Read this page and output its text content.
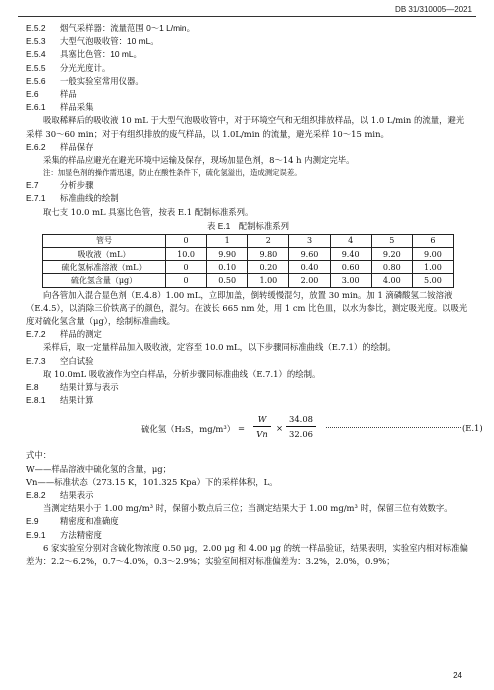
DB 31/310005—2021
E.5.2 烟气采样器：流量范围 0～1 L/min。
E.5.3 大型气泡吸收管：10 mL。
E.5.4 具塞比色管：10 mL。
E.5.5 分光光度计。
E.5.6 一般实验室常用仪器。
E.6	样品
E.6.1 样品采集
吸取稀释后的吸收液 10 mL 于大型气泡吸收管中，对于环境空气和无组织排放样品，以 1.0 L/min 的流量，避光采样 30～60 min；对于有组织排放的废气样品，以 1.0L/min 的流量，避光采样 10～15 min。
E.6.2 样品保存
采集的样品应避光在避光环境中运输及保存，现场加显色剂，8～14 h 内测定完毕。
注：加显色剂的操作需迅速，防止在酸性条件下，硫化氢溢出，造成测定误差。
E.7	分析步骤
E.7.1 标准曲线的绘制
取七支 10.0 mL 具塞比色管，按表 E.1 配制标准系列。
表 E.1　配制标准系列
管号	0	1	2	3	4	5	6
吸收液（mL）	10.0	9.90	9.80	9.60	9.40	9.20	9.00
硫化氢标准溶液（mL）	0	0.10	0.20	0.40	0.60	0.80	1.00
硫化氢含量（μg）	0	0.50	1.00	2.00	3.00	4.00	5.00
向各管加入混合显色剂（E.4.8）1.00 mL，立即加盖，倒转缓慢混匀，放置 30 min。加 1 滴磷酸氢二铵溶液（E.4.5），以消除三价铁离子的颜色，混匀。在波长 665 nm 处，用 1 cm 比色皿，以水为参比，测定吸光度。以吸光度对硫化氢含量（μg），绘制标准曲线。
E.7.2 样品的测定
采样后，取一定量样品加入吸收液，定容至 10.0 mL，以下步骤同标准曲线（E.7.1）的绘制。
E.7.3 空白试验
取 10.0mL 吸收液作为空白样品，分析步骤同标准曲线（E.7.1）的绘制。
E.8	结果计算与表示
E.8.1 结果计算
硫化氢（H₂S，mg/m³） =
W
Vn
×
34.08
32.06
(E.1)
式中：
W——样品溶液中硫化氢的含量，μg；
Vn——标准状态（273.15 K，101.325 Kpa）下的采样体积，L。
E.8.2 结果表示
当测定结果小于 1.00 mg/m³ 时，保留小数点后三位；当测定结果大于 1.00 mg/m³ 时，保留三位有效数字。
E.9	精密度和准确度
E.9.1 方法精密度
6 家实验室分别对含硫化物浓度 0.50 μg，2.00 μg 和 4.00 μg 的统一样品验证，结果表明，实验室内相对标准偏差为：2.2～6.2%，0.7～4.0%，0.3～2.9%；实验室间相对标准偏差为：3.2%，2.0%，0.9%；
24
